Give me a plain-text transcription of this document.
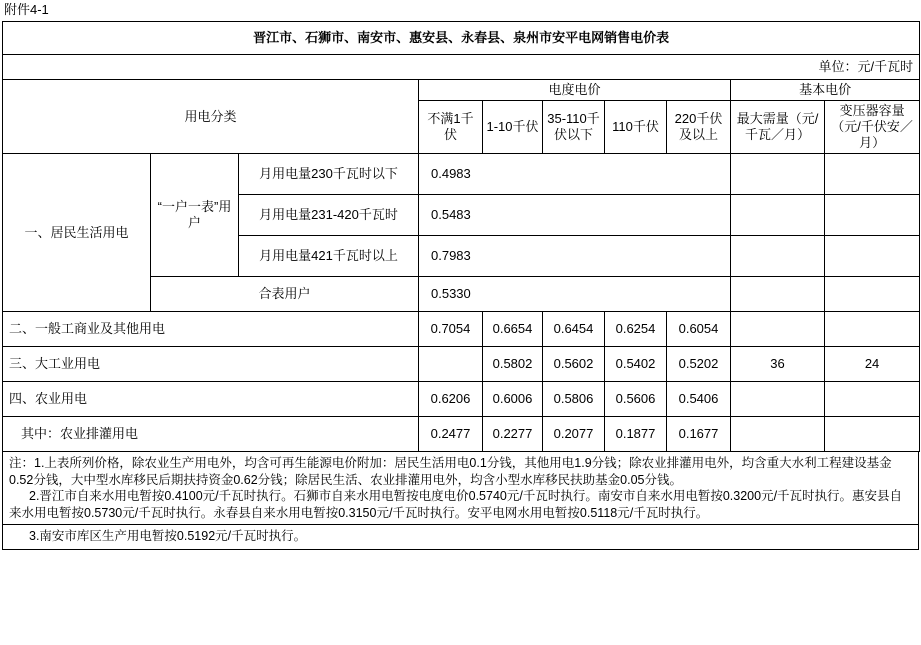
附件4-1
晋江市、石狮市、南安市、惠安县、永春县、泉州市安平电网销售电价表									
单位：元/千瓦时									
用电分类			电度电价					基本电价	
			不满1千伏	1-10千伏	35-110千伏以下	110千伏	220千伏及以上	最大需量（元/千瓦／月）	变压器容量（元/千伏安／月）
一、居民生活用电	“一户一表”用户	月用电量230千瓦时以下	0.4983						
		月用电量231-420千瓦时	0.5483						
		月用电量421千瓦时以上	0.7983						
	合表用户		0.5330						
二、一般工商业及其他用电			0.7054	0.6654	0.6454	0.6254	0.6054		
三、大工业用电				0.5802	0.5602	0.5402	0.5202	36	24
四、农业用电			0.6206	0.6006	0.5806	0.5606	0.5406		
其中：农业排灌用电			0.2477	0.2277	0.2077	0.1877	0.1677		

注：1.上表所列价格，除农业生产用电外，均含可再生能源电价附加：居民生活用电0.1分钱，其他用电1.9分钱；除农业排灌用电外，均含重大水利工程建设基金0.52分钱，大中型水库移民后期扶持资金0.62分钱；除居民生活、农业排灌用电外，均含小型水库移民扶助基金0.05分钱。

2.晋江市自来水用电暂按0.4100元/千瓦时执行。石狮市自来水用电暂按电度电价0.5740元/千瓦时执行。南安市自来水用电暂按0.3200元/千瓦时执行。惠安县自来水用电暂按0.5730元/千瓦时执行。永春县自来水用电暂按0.3150元/千瓦时执行。安平电网水用电暂按0.5118元/千瓦时执行。

3.南安市库区生产用电暂按0.5192元/千瓦时执行。
